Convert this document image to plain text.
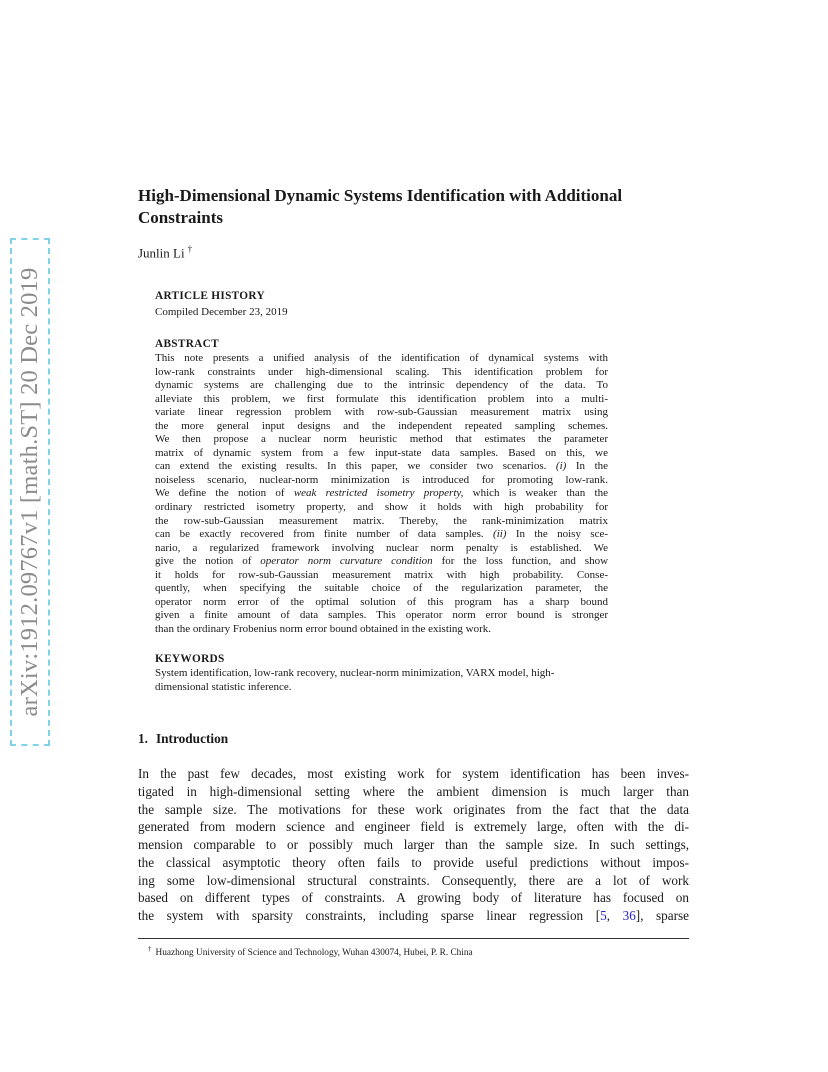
arXiv:1912.09767v1 [math.ST] 20 Dec 2019
High-Dimensional Dynamic Systems Identification with Additional Constraints
Junlin Li †
ARTICLE HISTORY
Compiled December 23, 2019
ABSTRACT
This note presents a unified analysis of the identification of dynamical systems with
low-rank constraints under high-dimensional scaling. This identification problem for
dynamic systems are challenging due to the intrinsic dependency of the data. To
alleviate this problem, we first formulate this identification problem into a multi-
variate linear regression problem with row-sub-Gaussian measurement matrix using
the more general input designs and the independent repeated sampling schemes.
We then propose a nuclear norm heuristic method that estimates the parameter
matrix of dynamic system from a few input-state data samples. Based on this, we
can extend the existing results. In this paper, we consider two scenarios. (i) In the
noiseless scenario, nuclear-norm minimization is introduced for promoting low-rank.
We define the notion of weak restricted isometry property, which is weaker than the
ordinary restricted isometry property, and show it holds with high probability for
the row-sub-Gaussian measurement matrix. Thereby, the rank-minimization matrix
can be exactly recovered from finite number of data samples. (ii) In the noisy sce-
nario, a regularized framework involving nuclear norm penalty is established. We
give the notion of operator norm curvature condition for the loss function, and show
it holds for row-sub-Gaussian measurement matrix with high probability. Conse-
quently, when specifying the suitable choice of the regularization parameter, the
operator norm error of the optimal solution of this program has a sharp bound
given a finite amount of data samples. This operator norm error bound is stronger
than the ordinary Frobenius norm error bound obtained in the existing work.
KEYWORDS
System identification, low-rank recovery, nuclear-norm minimization, VARX model, high-dimensional statistic inference.
1. Introduction
In the past few decades, most existing work for system identification has been inves-
tigated in high-dimensional setting where the ambient dimension is much larger than
the sample size. The motivations for these work originates from the fact that the data
generated from modern science and engineer field is extremely large, often with the di-
mension comparable to or possibly much larger than the sample size. In such settings,
the classical asymptotic theory often fails to provide useful predictions without impos-
ing some low-dimensional structural constraints. Consequently, there are a lot of work
based on different types of constraints. A growing body of literature has focused on
the system with sparsity constraints, including sparse linear regression [5, 36], sparse
† Huazhong University of Science and Technology, Wuhan 430074, Hubei, P. R. China
